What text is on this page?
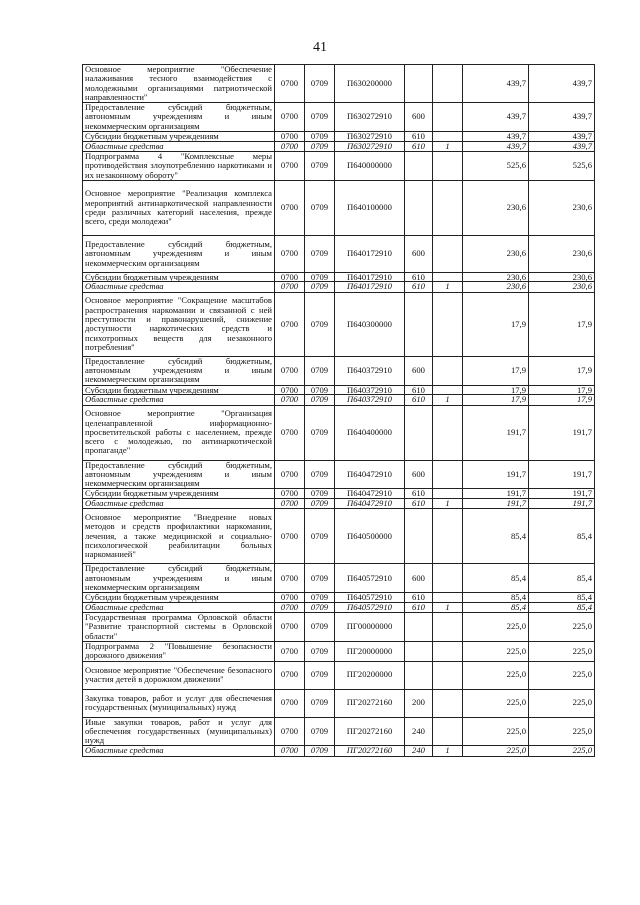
41
Основное мероприятие "Обеспечение налаживания тесного взаимодействия с молодежными организациями патриотической направленности"	0700	0709	П630200000			439,7	439,7
Предоставление субсидий бюджетным, автономным учреждениям и иным некоммерческим организациям	0700	0709	П630272910	600		439,7	439,7
Субсидии бюджетным учреждениям	0700	0709	П630272910	610		439,7	439,7
Областные средства	0700	0709	П630272910	610	1	439,7	439,7
Подпрограмма 4 "Комплексные меры противодействия злоупотреблению наркотиками и их незаконному обороту"	0700	0709	П640000000			525,6	525,6
Основное мероприятие "Реализация комплекса мероприятий антинаркотической направленности среди различных категорий населения, прежде всего, среди молодежи"	0700	0709	П640100000			230,6	230,6
Предоставление субсидий бюджетным, автономным учреждениям и иным некоммерческим организациям	0700	0709	П640172910	600		230,6	230,6
Субсидии бюджетным учреждениям	0700	0709	П640172910	610		230,6	230,6
Областные средства	0700	0709	П640172910	610	1	230,6	230,6
Основное мероприятие "Сокращение масштабов распространения наркомании и связанной с ней преступности и правонарушений, снижение доступности наркотических средств и психотропных веществ для незаконного потребления"	0700	0709	П640300000			17,9	17,9
Предоставление субсидий бюджетным, автономным учреждениям и иным некоммерческим организациям	0700	0709	П640372910	600		17,9	17,9
Субсидии бюджетным учреждениям	0700	0709	П640372910	610		17,9	17,9
Областные средства	0700	0709	П640372910	610	1	17,9	17,9
Основное мероприятие "Организация целенаправленной информационно-просветительской работы с населением, прежде всего с молодежью, по антинаркотической пропаганде"	0700	0709	П640400000			191,7	191,7
Предоставление субсидий бюджетным, автономным учреждениям и иным некоммерческим организациям	0700	0709	П640472910	600		191,7	191,7
Субсидии бюджетным учреждениям	0700	0709	П640472910	610		191,7	191,7
Областные средства	0700	0709	П640472910	610	1	191,7	191,7
Основное мероприятие "Внедрение новых методов и средств профилактики наркомании, лечения, а также медицинской и социально-психологической реабилитации больных наркоманией"	0700	0709	П640500000			85,4	85,4
Предоставление субсидий бюджетным, автономным учреждениям и иным некоммерческим организациям	0700	0709	П640572910	600		85,4	85,4
Субсидии бюджетным учреждениям	0700	0709	П640572910	610		85,4	85,4
Областные средства	0700	0709	П640572910	610	1	85,4	85,4
Государственная программа Орловской области "Развитие транспортной системы в Орловской области"	0700	0709	ПГ00000000			225,0	225,0
Подпрограмма 2 "Повышение безопасности дорожного движения"	0700	0709	ПГ20000000			225,0	225,0
Основное мероприятие "Обеспечение безопасного участия детей в дорожном движении"	0700	0709	ПГ20200000			225,0	225,0
Закупка товаров, работ и услуг для обеспечения государственных (муниципальных) нужд	0700	0709	ПГ20272160	200		225,0	225,0
Иные закупки товаров, работ и услуг для обеспечения государственных (муниципальных) нужд	0700	0709	ПГ20272160	240		225,0	225,0
Областные средства	0700	0709	ПГ20272160	240	1	225,0	225,0
